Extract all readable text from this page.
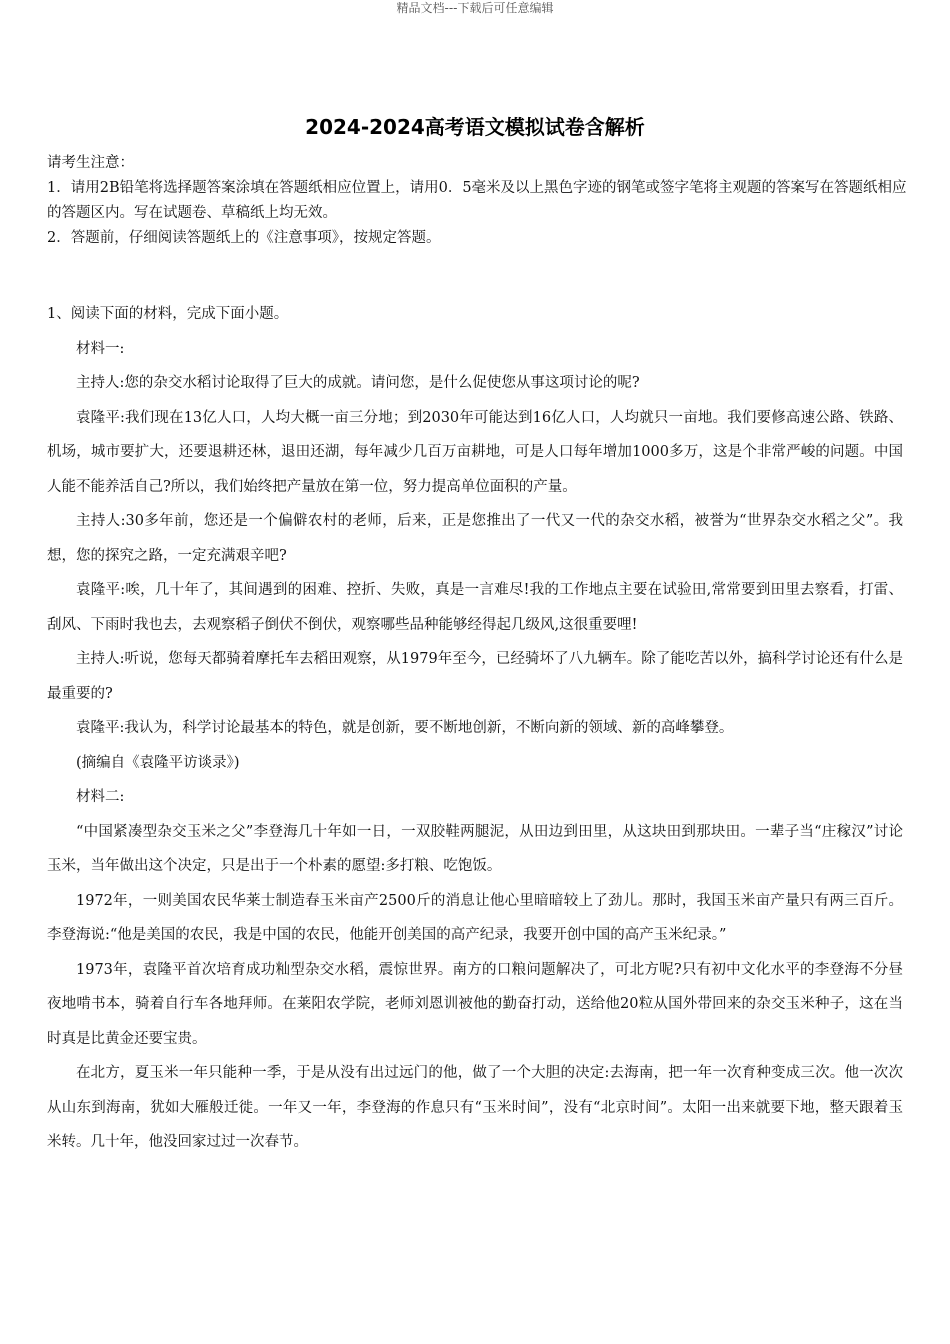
精品文档---下载后可任意编辑
2024-2024高考语文模拟试卷含解析
请考生注意：
1．请用2B铅笔将选择题答案涂填在答题纸相应位置上，请用0．5毫米及以上黑色字迹的钢笔或签字笔将主观题的答案写在答题纸相应的答题区内。写在试题卷、草稿纸上均无效。
2．答题前，仔细阅读答题纸上的《注意事项》，按规定答题。

1、阅读下面的材料，完成下面小题。

材料一:

主持人:您的杂交水稻讨论取得了巨大的成就。请问您，是什么促使您从事这项讨论的呢?

袁隆平:我们现在13亿人口，人均大概一亩三分地；到2030年可能达到16亿人口，人均就只一亩地。我们要修高速公路、铁路、机场，城市要扩大，还要退耕还林，退田还湖，每年减少几百万亩耕地，可是人口每年增加1000多万，这是个非常严峻的问题。中国人能不能养活自己?所以，我们始终把产量放在第一位，努力提高单位面积的产量。

主持人:30多年前，您还是一个偏僻农村的老师，后来，正是您推出了一代又一代的杂交水稻，被誉为“世界杂交水稻之父”。我想，您的探究之路，一定充满艰辛吧?

袁隆平:唉，几十年了，其间遇到的困难、控折、失败，真是一言难尽!我的工作地点主要在试验田,常常要到田里去察看，打雷、刮风、下雨时我也去，去观察稻子倒伏不倒伏，观察哪些品种能够经得起几级风,这很重要哩!

主持人:听说，您每天都骑着摩托车去稻田观察，从1979年至今，已经骑坏了八九辆车。除了能吃苦以外，搞科学讨论还有什么是最重要的?

袁隆平:我认为，科学讨论最基本的特色，就是创新，要不断地创新，不断向新的领域、新的高峰攀登。

(摘编自《袁隆平访谈录》)

材料二:

“中国紧凑型杂交玉米之父”李登海几十年如一日，一双胶鞋两腿泥，从田边到田里，从这块田到那块田。一辈子当“庄稼汉”讨论玉米，当年做出这个决定，只是出于一个朴素的愿望:多打粮、吃饱饭。

1972年，一则美国农民华莱士制造春玉米亩产2500斤的消息让他心里暗暗较上了劲儿。那时，我国玉米亩产量只有两三百斤。李登海说:“他是美国的农民，我是中国的农民，他能开创美国的高产纪录，我要开创中国的高产玉米纪录。”

1973年，袁隆平首次培育成功籼型杂交水稻，震惊世界。南方的口粮问题解决了，可北方呢?只有初中文化水平的李登海不分昼夜地啃书本，骑着自行车各地拜师。在莱阳农学院，老师刘恩训被他的勤奋打动，送给他20粒从国外带回来的杂交玉米种子，这在当时真是比黄金还要宝贵。

在北方，夏玉米一年只能种一季，于是从没有出过远门的他，做了一个大胆的决定:去海南，把一年一次育种变成三次。他一次次从山东到海南，犹如大雁般迁徙。一年又一年，李登海的作息只有“玉米时间”，没有“北京时间”。太阳一出来就要下地，整天跟着玉米转。几十年，他没回家过过一次春节。
